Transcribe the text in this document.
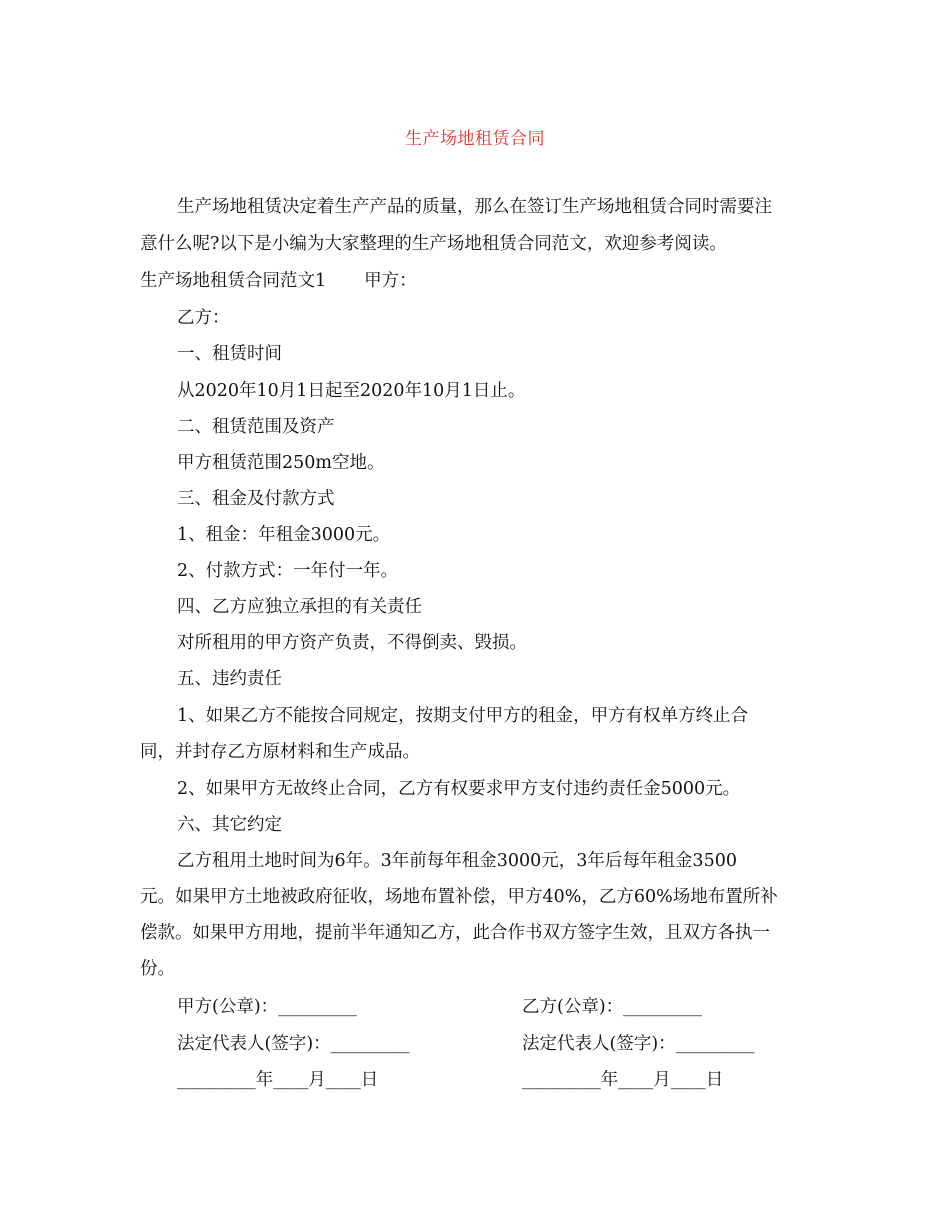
生产场地租赁合同
生产场地租赁决定着生产产品的质量，那么在签订生产场地租赁合同时需要注
意什么呢?以下是小编为大家整理的生产场地租赁合同范文，欢迎参考阅读。
生产场地租赁合同范文1 甲方：
乙方：
一、租赁时间
从2020年10月1日起至2020年10月1日止。
二、租赁范围及资产
甲方租赁范围250m空地。
三、租金及付款方式
1、租金：年租金3000元。
2、付款方式：一年付一年。
四、乙方应独立承担的有关责任
对所租用的甲方资产负责，不得倒卖、毁损。
五、违约责任
1、如果乙方不能按合同规定，按期支付甲方的租金，甲方有权单方终止合
同，并封存乙方原材料和生产成品。
2、如果甲方无故终止合同，乙方有权要求甲方支付违约责任金5000元。
六、其它约定
乙方租用土地时间为6年。3年前每年租金3000元，3年后每年租金3500
元。如果甲方土地被政府征收，场地布置补偿，甲方40%，乙方60%场地布置所补
偿款。如果甲方用地，提前半年通知乙方，此合作书双方签字生效，且双方各执一
份。
甲方(公章)：_________	乙方(公章)：_________
法定代表人(签字)：_________	法定代表人(签字)：_________
_________年____月____日	_________年____月____日
